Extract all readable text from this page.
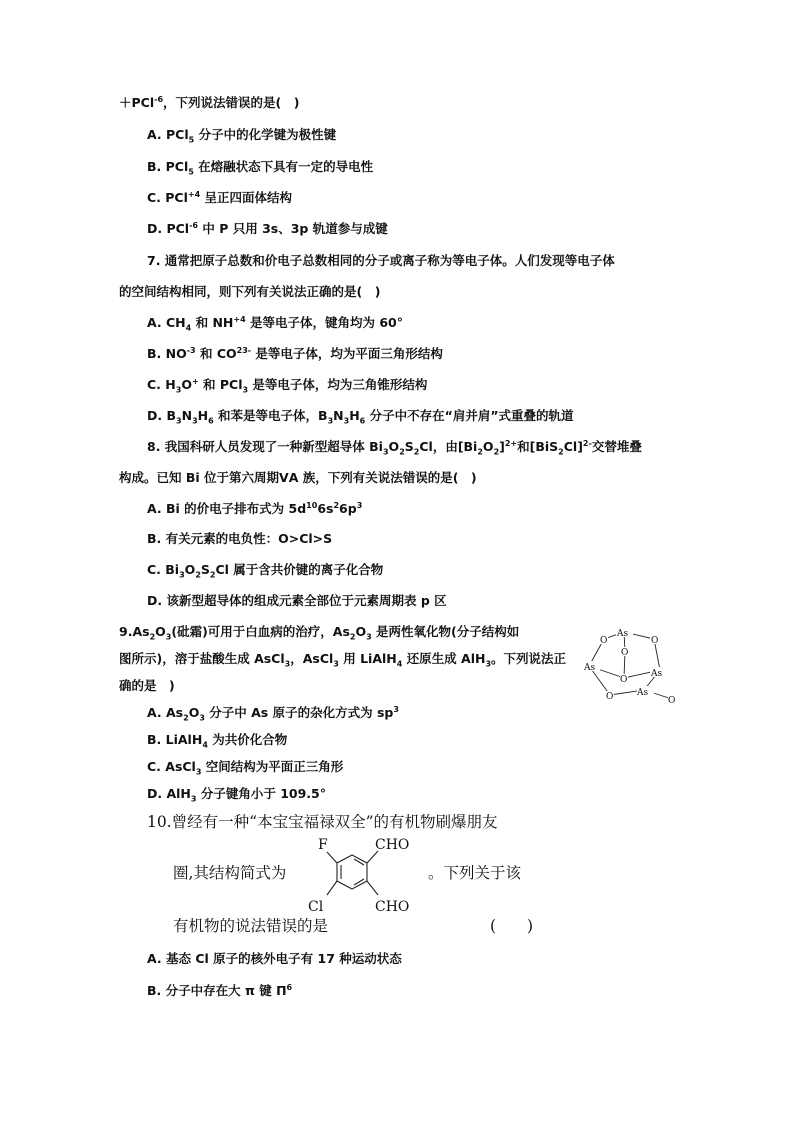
＋PCl$^{-6}$，下列说法错误的是(　)
A. PCl$_5$ 分子中的化学键为极性键
B. PCl$_5$ 在熔融状态下具有一定的导电性
C. PCl$^{+4}$ 呈正四面体结构
D. PCl$^{-6}$ 中 P 只用 3s、3p 轨道参与成键
7. 通常把原子总数和价电子总数相同的分子或离子称为等电子体。人们发现等电子体
的空间结构相同，则下列有关说法正确的是(　)
A. $CH_4$ 和 $NH^{+4}$ 是等电子体，键角均为 60°
B. $NO^{-3}$ 和 $CO^{23-}$ 是等电子体，均为平面三角形结构
C. $H_3O^+$ 和 PCl$_3$ 是等电子体，均为三角锥形结构
D. $B_3N_3H_6$ 和苯是等电子体，$B_3N_3H_6$ 分子中不存在“肩并肩”式重叠的轨道
8. 我国科研人员发现了一种新型超导体 $Bi_3O_2S_2Cl$，由$[Bi_2O_2]^{2+}$和$[BiS_2Cl]^{2-}$交替堆叠
构成。已知 Bi 位于第六周期ⅤA 族，下列有关说法错误的是(　)
A. Bi 的价电子排布式为 $5d^{10}6s^26p^3$
B. 有关元素的电负性：O>Cl>S
C. $Bi_3O_2S_2Cl$ 属于含共价键的离子化合物
D. 该新型超导体的组成元素全部位于元素周期表 p 区
$9.As_2O_3$(砒霜)可用于白血病的治疗，$As_2O_3$ 是两性氧化物(分子结构如
图所示)，溶于盐酸生成 AsCl$_3$，AsCl$_3$ 用 LiAlH$_4$ 还原生成 AlH$_3$。下列说法正
确的是　)
As
As
As
As
O	O
O
O
O	O
A. $As_2O_3$ 分子中 As 原子的杂化方式为 $sp^3$
B. LiAlH$_4$ 为共价化合物
C. AsCl$_3$ 空间结构为平面正三角形
D. AlH$_3$ 分子键角小于 109.5°
10.曾经有一种“本宝宝福禄双全”的有机物刷爆朋友
圈,其结构简式为
F	CHO
Cl	CHO
。下列关于该
有机物的说法错误的是	(　　)
A. 基态 Cl 原子的核外电子有 17 种运动状态
B. 分子中存在大 π 键 $\Pi^6$
